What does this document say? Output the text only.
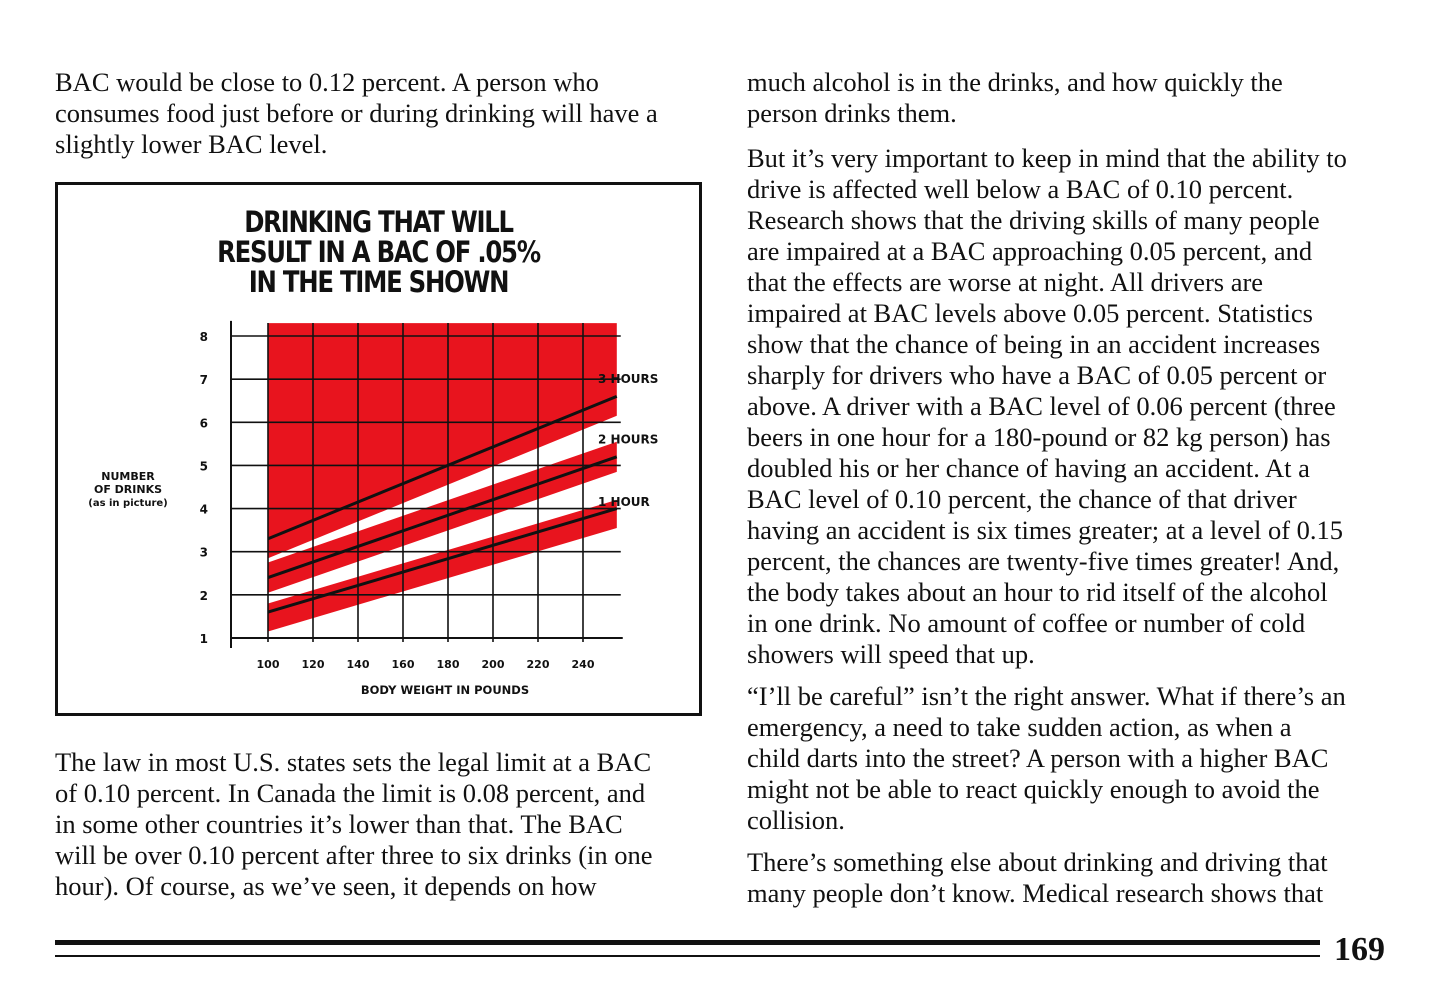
BAC would be close to 0.12 percent. A person who
consumes food just before or during drinking will have a
slightly lower BAC level.

DRINKING THAT WILL
RESULT IN A BAC OF .05%
IN THE TIME SHOWN
1
2
3
4
5
6
7
8
100 120 140 160 180 200 220 240
BODY WEIGHT IN POUNDS
NUMBER
OF DRINKS
(as in picture)
3 HOURS
2 HOURS
1 HOUR

The law in most U.S. states sets the legal limit at a BAC
of 0.10 percent. In Canada the limit is 0.08 percent, and
in some other countries it’s lower than that. The BAC
will be over 0.10 percent after three to six drinks (in one
hour). Of course, as we’ve seen, it depends on how

much alcohol is in the drinks, and how quickly the
person drinks them.

But it’s very important to keep in mind that the ability to
drive is affected well below a BAC of 0.10 percent.
Research shows that the driving skills of many people
are impaired at a BAC approaching 0.05 percent, and
that the effects are worse at night. All drivers are
impaired at BAC levels above 0.05 percent. Statistics
show that the chance of being in an accident increases
sharply for drivers who have a BAC of 0.05 percent or
above. A driver with a BAC level of 0.06 percent (three
beers in one hour for a 180-pound or 82 kg person) has
doubled his or her chance of having an accident. At a
BAC level of 0.10 percent, the chance of that driver
having an accident is six times greater; at a level of 0.15
percent, the chances are twenty-five times greater! And,
the body takes about an hour to rid itself of the alcohol
in one drink. No amount of coffee or number of cold
showers will speed that up.

“I’ll be careful” isn’t the right answer. What if there’s an
emergency, a need to take sudden action, as when a
child darts into the street? A person with a higher BAC
might not be able to react quickly enough to avoid the
collision.

There’s something else about drinking and driving that
many people don’t know. Medical research shows that

169
